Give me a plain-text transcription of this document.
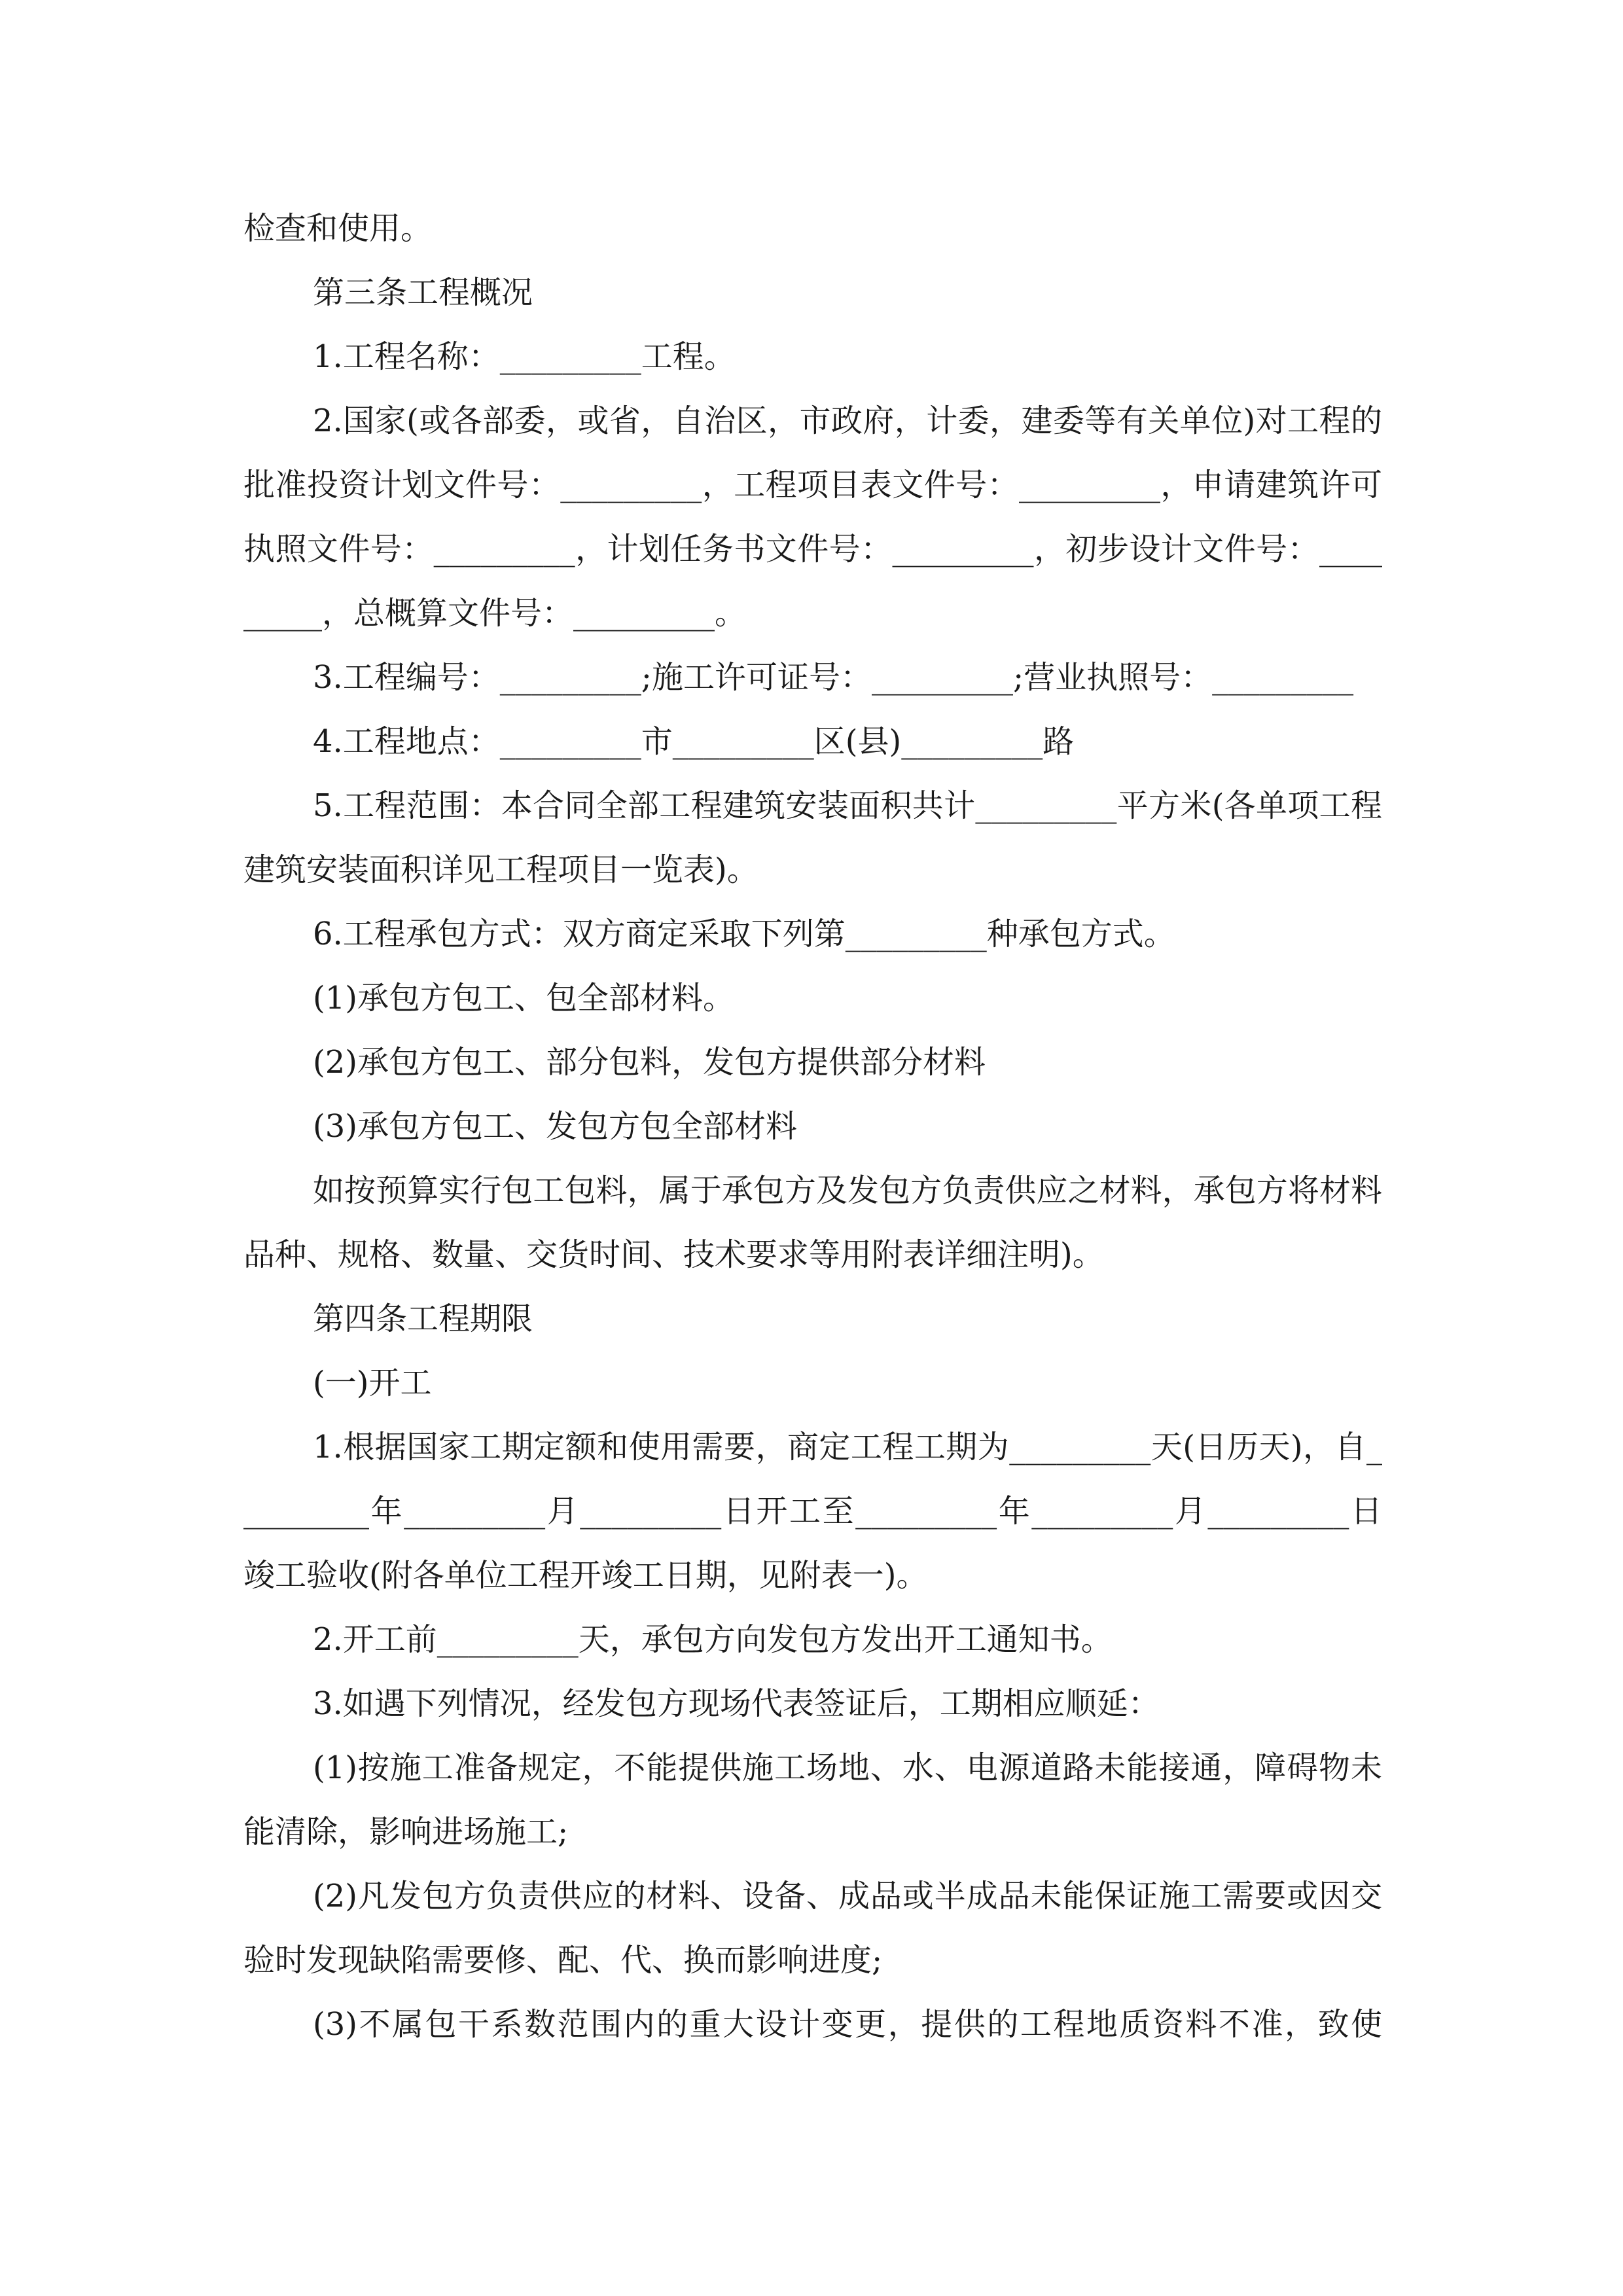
检查和使用。

第三条工程概况

1.工程名称：_________工程。

2.国家(或各部委，或省，自治区，市政府，计委，建委等有关单位)对工程的批准投资计划文件号：_________，工程项目表文件号：_________，申请建筑许可执照文件号：_________，计划任务书文件号：_________，初步设计文件号：_________，总概算文件号：_________。

3.工程编号：_________;施工许可证号：_________;营业执照号：_________

4.工程地点：_________市_________区(县)_________路

5.工程范围：本合同全部工程建筑安装面积共计_________平方米(各单项工程建筑安装面积详见工程项目一览表)。

6.工程承包方式：双方商定采取下列第_________种承包方式。

(1)承包方包工、包全部材料。

(2)承包方包工、部分包料，发包方提供部分材料

(3)承包方包工、发包方包全部材料

如按预算实行包工包料，属于承包方及发包方负责供应之材料，承包方将材料品种、规格、数量、交货时间、技术要求等用附表详细注明)。

第四条工程期限

(一)开工

1.根据国家工期定额和使用需要，商定工程工期为_________天(日历天)，自_________年_________月_________日开工至_________年_________月_________日竣工验收(附各单位工程开竣工日期，见附表一)。

2.开工前_________天，承包方向发包方发出开工通知书。

3.如遇下列情况，经发包方现场代表签证后，工期相应顺延：

(1)按施工准备规定，不能提供施工场地、水、电源道路未能接通，障碍物未能清除，影响进场施工;

(2)凡发包方负责供应的材料、设备、成品或半成品未能保证施工需要或因交验时发现缺陷需要修、配、代、换而影响进度;

(3)不属包干系数范围内的重大设计变更，提供的工程地质资料不准，致使
